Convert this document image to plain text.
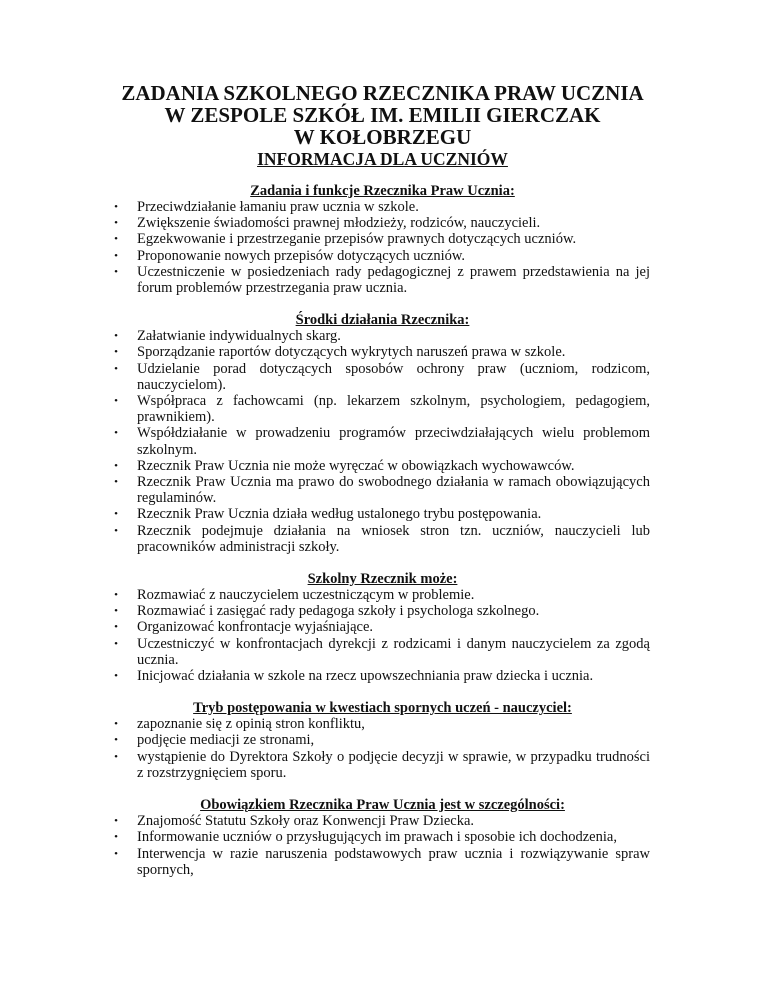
ZADANIA SZKOLNEGO RZECZNIKA PRAW UCZNIA

W ZESPOLE SZKÓŁ IM. EMILII GIERCZAK

W KOŁOBRZEGU

INFORMACJA DLA UCZNIÓW

Zadania i funkcje Rzecznika Praw Ucznia:

• Przeciwdziałanie łamaniu praw ucznia w szkole.
• Zwiększenie świadomości prawnej młodzieży, rodziców, nauczycieli.
• Egzekwowanie i przestrzeganie przepisów prawnych dotyczących uczniów.
• Proponowanie nowych przepisów dotyczących uczniów.
• Uczestniczenie w posiedzeniach rady pedagogicznej z prawem przedstawienia na jej forum problemów przestrzegania praw ucznia.

Środki działania Rzecznika:

• Załatwianie indywidualnych skarg.
• Sporządzanie raportów dotyczących wykrytych naruszeń prawa w szkole.
• Udzielanie porad dotyczących sposobów ochrony praw (uczniom, rodzicom, nauczycielom).
• Współpraca z fachowcami (np. lekarzem szkolnym, psychologiem, pedagogiem, prawnikiem).
• Współdziałanie w prowadzeniu programów przeciwdziałających wielu problemom szkolnym.
• Rzecznik Praw Ucznia nie może wyręczać w obowiązkach wychowawców.
• Rzecznik Praw Ucznia ma prawo do swobodnego działania w ramach obowiązujących regulaminów.
• Rzecznik Praw Ucznia działa według ustalonego trybu postępowania.
• Rzecznik podejmuje działania na wniosek stron tzn. uczniów, nauczycieli lub pracowników administracji szkoły.

Szkolny Rzecznik może:

• Rozmawiać z nauczycielem uczestniczącym w problemie.
• Rozmawiać i zasięgać rady pedagoga szkoły i psychologa szkolnego.
• Organizować konfrontacje wyjaśniające.
• Uczestniczyć w konfrontacjach dyrekcji z rodzicami i danym nauczycielem za zgodą ucznia.
• Inicjować działania w szkole na rzecz upowszechniania praw dziecka i ucznia.

Tryb postępowania w kwestiach spornych uczeń - nauczyciel:

• zapoznanie się z opinią stron konfliktu,
• podjęcie mediacji ze stronami,
• wystąpienie do Dyrektora Szkoły o podjęcie decyzji w sprawie, w przypadku trudności z rozstrzygnięciem sporu.

Obowiązkiem Rzecznika Praw Ucznia jest w szczególności:

• Znajomość Statutu Szkoły oraz Konwencji Praw Dziecka.
• Informowanie uczniów o przysługujących im prawach i sposobie ich dochodzenia,
• Interwencja w razie naruszenia podstawowych praw ucznia i rozwiązywanie spraw spornych,
